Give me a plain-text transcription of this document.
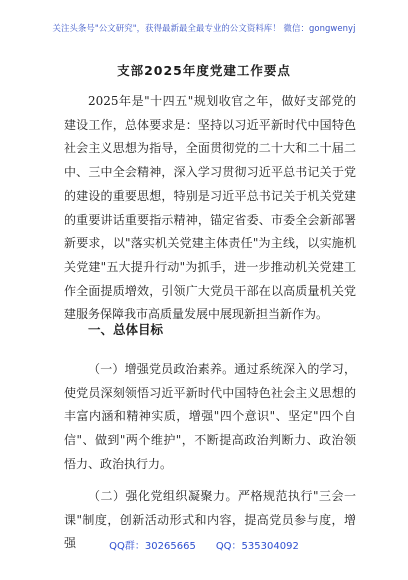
关注头条号"公文研究"，获得最新最全最专业的公文资料库！ 微信：gongwenyj
支部2025年度党建工作要点

2025年是"十四五"规划收官之年，做好支部党的建设工作，总体要求是：坚持以习近平新时代中国特色社会主义思想为指导，全面贯彻党的二十大和二十届二中、三中全会精神，深入学习贯彻习近平总书记关于党的建设的重要思想，特别是习近平总书记关于机关党建的重要讲话重要指示精神，锚定省委、市委全会新部署新要求，以"落实机关党建主体责任"为主线，以实施机关党建"五大提升行动"为抓手，进一步推动机关党建工作全面提质增效，引领广大党员干部在以高质量机关党建服务保障我市高质量发展中展现新担当新作为。

一、总体目标

（一）增强党员政治素养。通过系统深入的学习，使党员深刻领悟习近平新时代中国特色社会主义思想的丰富内涵和精神实质，增强"四个意识"、坚定"四个自信"、做到"两个维护"，不断提高政治判断力、政治领悟力、政治执行力。

（二）强化党组织凝聚力。严格规范执行"三会一课"制度，创新活动形式和内容，提高党员参与度，增强	QQ群：30265665 QQ：535304092
